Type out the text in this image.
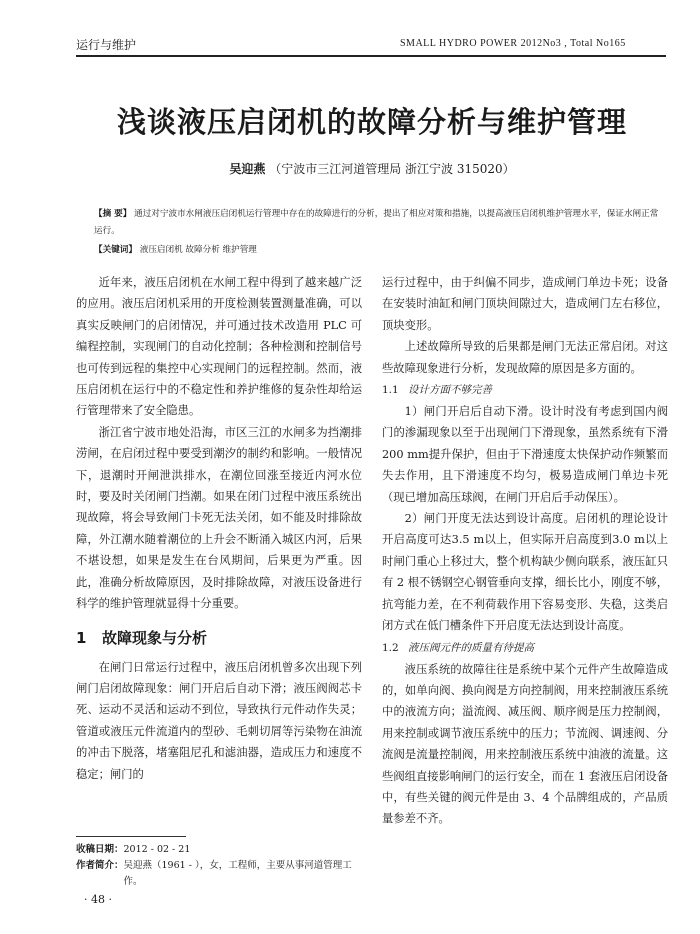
运行与维护	SMALL HYDRO POWER 2012No3 , Total No165
浅谈液压启闭机的故障分析与维护管理
吴迎燕 （宁波市三江河道管理局 浙江宁波 315020）
【摘 要】 通过对宁波市水闸液压启闭机运行管理中存在的故障进行的分析，提出了相应对策和措施，以提高液压启闭机维护管理水平，保证水闸正常运行。
【关键词】 液压启闭机 故障分析 维护管理

近年来，液压启闭机在水闸工程中得到了越来越广泛的应用。液压启闭机采用的开度检测装置测量准确，可以真实反映闸门的启闭情况，并可通过技术改造用 PLC 可编程控制，实现闸门的自动化控制；各种检测和控制信号也可传到远程的集控中心实现闸门的远程控制。然而，液压启闭机在运行中的不稳定性和养护维修的复杂性却给运行管理带来了安全隐患。

浙江省宁波市地处沿海，市区三江的水闸多为挡潮排涝闸，在启闭过程中要受到潮汐的制约和影响。一般情况下，退潮时开闸泄洪排水，在潮位回涨至接近内河水位时，要及时关闭闸门挡潮。如果在闭门过程中液压系统出现故障，将会导致闸门卡死无法关闭，如不能及时排除故障，外江潮水随着潮位的上升会不断涌入城区内河，后果不堪设想，如果是发生在台风期间，后果更为严重。因此，准确分析故障原因，及时排除故障，对液压设备进行科学的维护管理就显得十分重要。

1 故障现象与分析

在闸门日常运行过程中，液压启闭机曾多次出现下列闸门启闭故障现象：闸门开启后自动下滑；液压阀阀芯卡死、运动不灵活和运动不到位，导致执行元件动作失灵；管道或液压元件流道内的型砂、毛刺切屑等污染物在油流的冲击下脱落，堵塞阻尼孔和滤油器，造成压力和速度不稳定；闸门的

运行过程中，由于纠偏不同步，造成闸门单边卡死；设备在安装时油缸和闸门顶块间隙过大，造成闸门左右移位，顶块变形。

上述故障所导致的后果都是闸门无法正常启闭。对这些故障现象进行分析，发现故障的原因是多方面的。

1.1 设计方面不够完善

1）闸门开启后自动下滑。设计时没有考虑到国内阀门的渗漏现象以至于出现闸门下滑现象，虽然系统有下滑200 mm提升保护，但由于下滑速度太快保护动作频繁而失去作用，且下滑速度不均匀，极易造成闸门单边卡死（现已增加高压球阀，在闸门开启后手动保压）。

2）闸门开度无法达到设计高度。启闭机的理论设计开启高度可达3.5 m以上，但实际开启高度到3.0 m以上时闸门重心上移过大，整个机构缺少侧向联系，液压缸只有 2 根不锈钢空心钢管垂向支撑，细长比小，刚度不够，抗弯能力差，在不利荷载作用下容易变形、失稳，这类启闭方式在低门槽条件下开启度无法达到设计高度。

1.2 液压阀元件的质量有待提高

液压系统的故障往往是系统中某个元件产生故障造成的，如单向阀、换向阀是方向控制阀，用来控制液压系统中的液流方向；溢流阀、减压阀、顺序阀是压力控制阀，用来控制或调节液压系统中的压力；节流阀、调速阀、分流阀是流量控制阀，用来控制液压系统中油液的流量。这些阀组直接影响闸门的运行安全，而在 1 套液压启闭设备中，有些关键的阀元件是由 3、4 个品牌组成的，产品质量参差不齐。

收稿日期：2012 - 02 - 21
作者简介： 吴迎燕（1961 - ），女，工程师，主要从事河道管理工作。
· 48 ·
